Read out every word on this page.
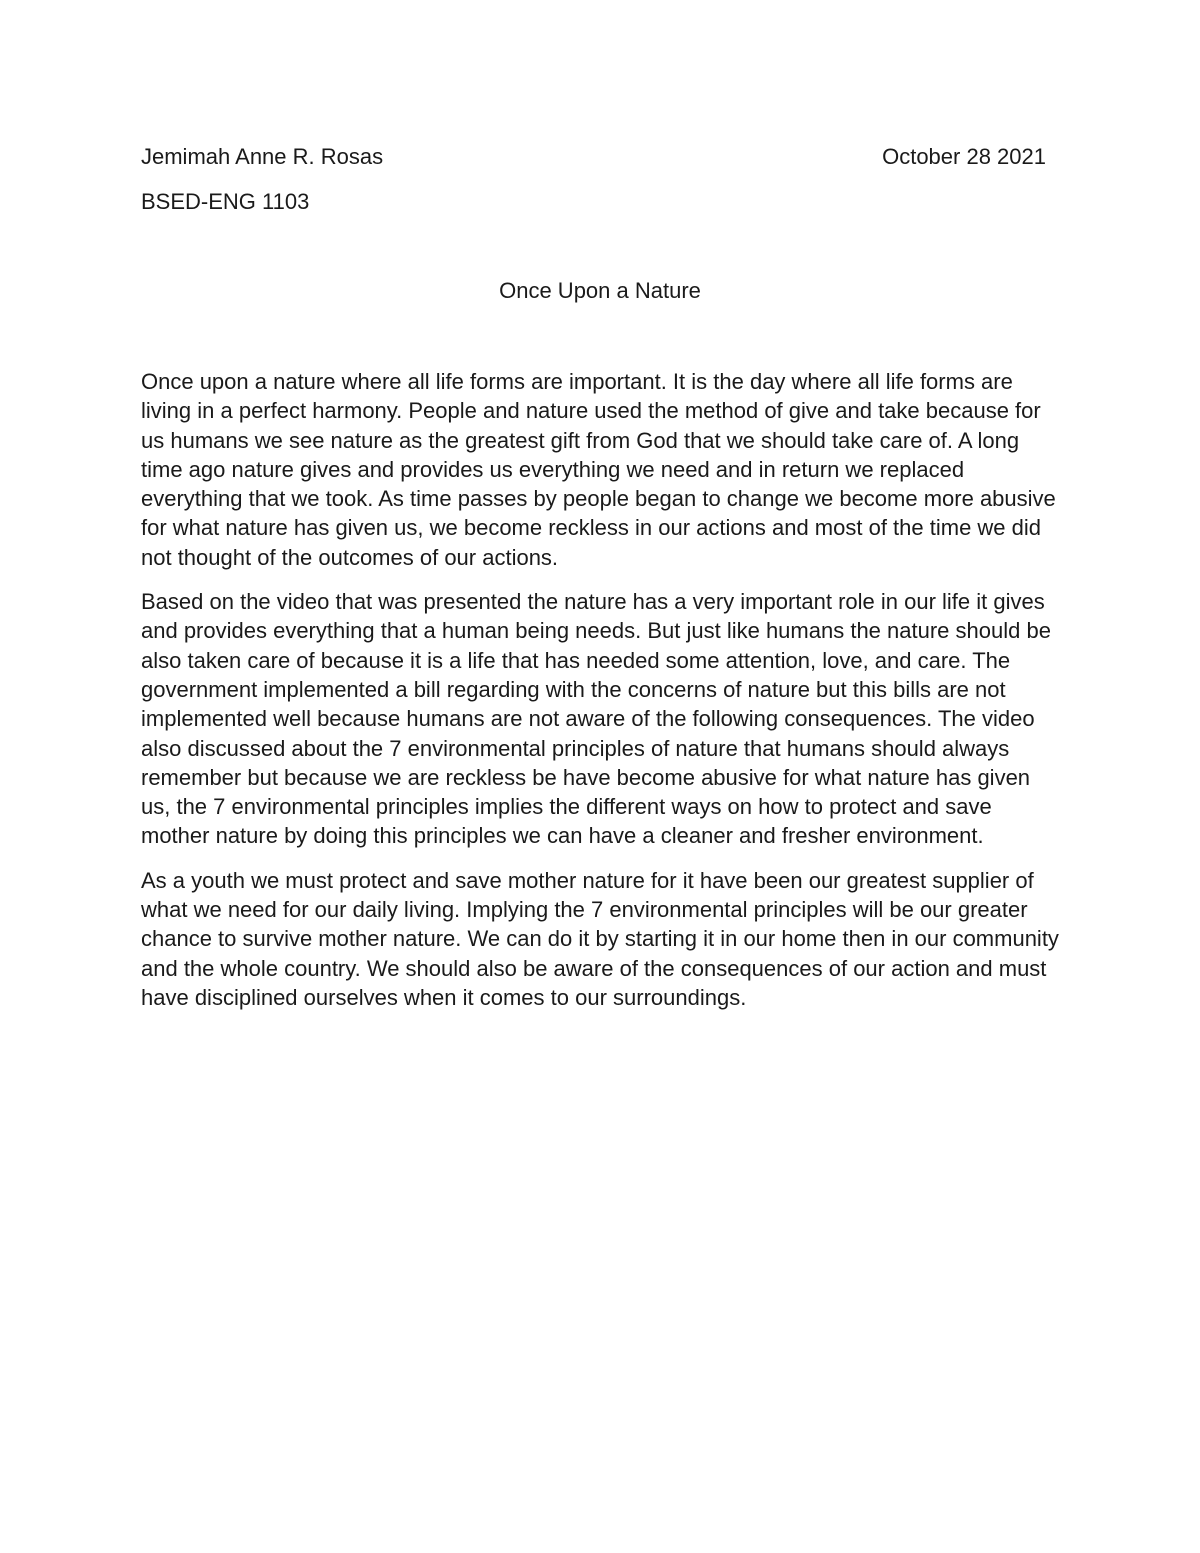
Jemimah Anne R. Rosas	October 28 2021
BSED-ENG 1103
Once Upon a Nature

Once upon a nature where all life forms are important. It is the day where all life forms are living in a perfect harmony. People and nature used the method of give and take because for us humans we see nature as the greatest gift from God that we should take care of. A long time ago nature gives and provides us everything we need and in return we replaced everything that we took. As time passes by people began to change we become more abusive for what nature has given us, we become reckless in our actions and most of the time we did not thought of the outcomes of our actions.

Based on the video that was presented the nature has a very important role in our life it gives and provides everything that a human being needs. But just like humans the nature should be also taken care of because it is a life that has needed some attention, love, and care. The government implemented a bill regarding with the concerns of nature but this bills are not implemented well because humans are not aware of the following consequences. The video also discussed about the 7 environmental principles of nature that humans should always remember but because we are reckless be have become abusive for what nature has given us, the 7 environmental principles implies the different ways on how to protect and save mother nature by doing this principles we can have a cleaner and fresher environment.

As a youth we must protect and save mother nature for it have been our greatest supplier of what we need for our daily living. Implying the 7 environmental principles will be our greater chance to survive mother nature. We can do it by starting it in our home then in our community and the whole country. We should also be aware of the consequences of our action and must have disciplined ourselves when it comes to our surroundings.
